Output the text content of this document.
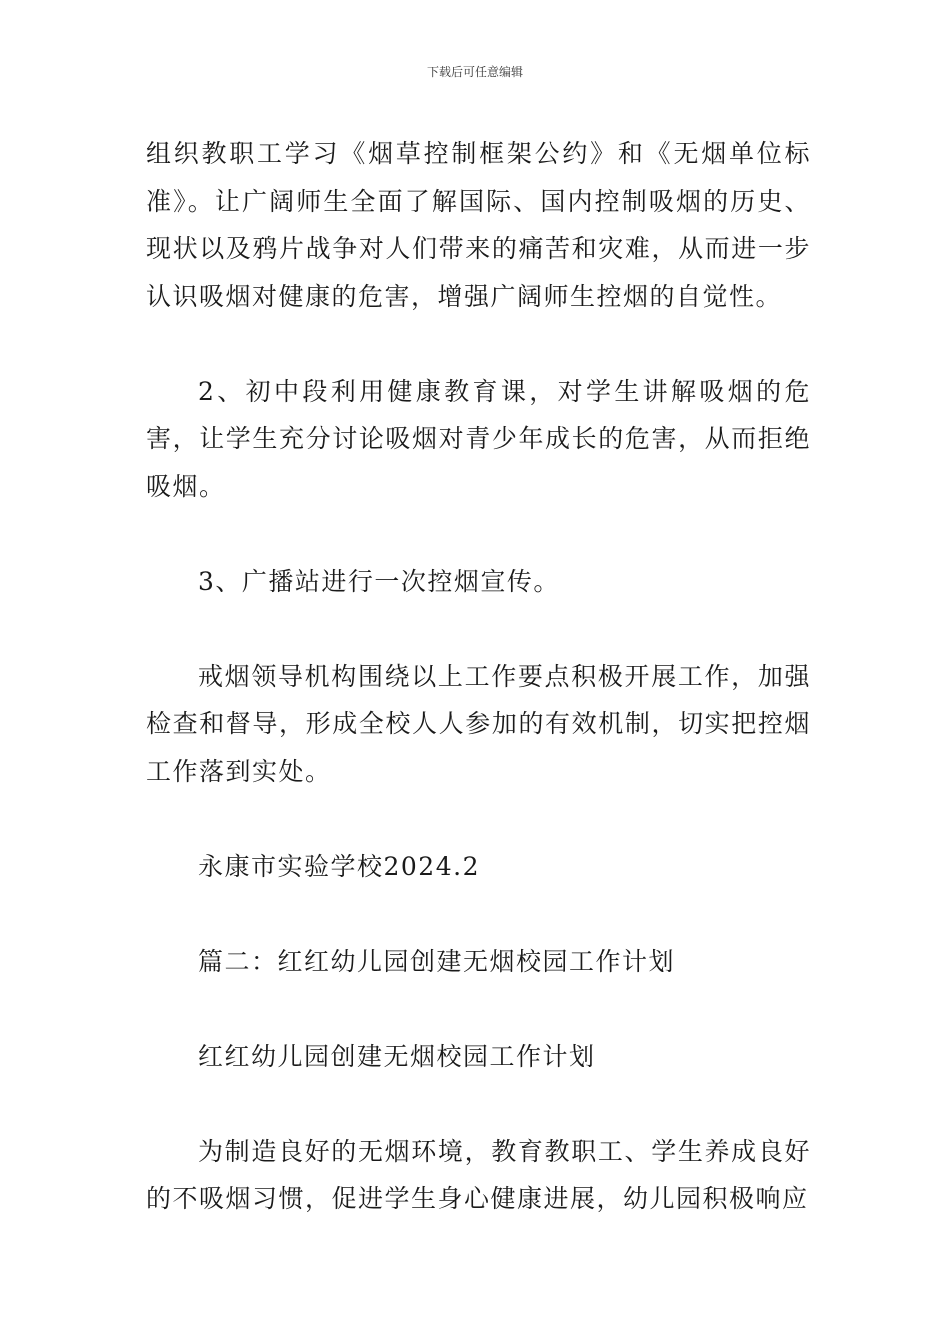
下载后可任意编辑

组织教职工学习《烟草控制框架公约》和《无烟单位标准》。让广阔师生全面了解国际、国内控制吸烟的历史、现状以及鸦片战争对人们带来的痛苦和灾难，从而进一步认识吸烟对健康的危害，增强广阔师生控烟的自觉性。

2、初中段利用健康教育课，对学生讲解吸烟的危害，让学生充分讨论吸烟对青少年成长的危害，从而拒绝吸烟。

3、广播站进行一次控烟宣传。

戒烟领导机构围绕以上工作要点积极开展工作，加强检查和督导，形成全校人人参加的有效机制，切实把控烟工作落到实处。

永康市实验学校2024.2

篇二：红红幼儿园创建无烟校园工作计划

红红幼儿园创建无烟校园工作计划

为制造良好的无烟环境，教育教职工、学生养成良好的不吸烟习惯，促进学生身心健康进展，幼儿园积极响应
